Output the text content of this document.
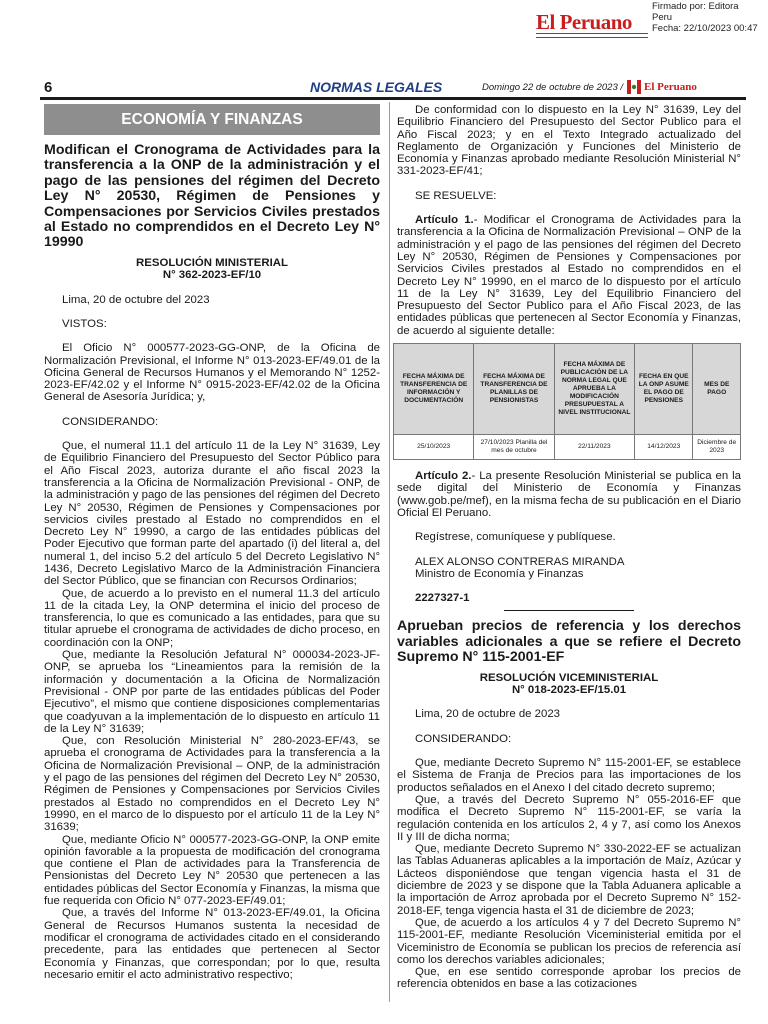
El Peruano
Firmado por: Editora
Peru
Fecha: 22/10/2023 00:47
6	NORMAS LEGALES	Domingo 22 de octubre de 2023 / El Peruano
ECONOMÍA Y FINANZAS

Modifican el Cronograma de Actividades para la transferencia a la ONP de la administración y el pago de las pensiones del régimen del Decreto Ley N° 20530, Régimen de Pensiones y Compensaciones por Servicios Civiles prestados al Estado no comprendidos en el Decreto Ley N° 19990

RESOLUCIÓN MINISTERIAL
N° 362-2023-EF/10

Lima, 20 de octubre del 2023

VISTOS:

El Oficio N° 000577-2023-GG-ONP, de la Oficina de Normalización Previsional, el Informe N° 013-2023-EF/49.01 de la Oficina General de Recursos Humanos y el Memorando N° 1252-2023-EF/42.02 y el Informe N° 0915-2023-EF/42.02 de la Oficina General de Asesoría Jurídica; y,

CONSIDERANDO:

Que, el numeral 11.1 del artículo 11 de la Ley N° 31639, Ley de Equilibrio Financiero del Presupuesto del Sector Público para el Año Fiscal 2023, autoriza durante el año fiscal 2023 la transferencia a la Oficina de Normalización Previsional - ONP, de la administración y pago de las pensiones del régimen del Decreto Ley N° 20530, Régimen de Pensiones y Compensaciones por servicios civiles prestado al Estado no comprendidos en el Decreto Ley N° 19990, a cargo de las entidades públicas del Poder Ejecutivo que forman parte del apartado (i) del literal a, del numeral 1, del inciso 5.2 del artículo 5 del Decreto Legislativo N° 1436, Decreto Legislativo Marco de la Administración Financiera del Sector Público, que se financian con Recursos Ordinarios;

Que, de acuerdo a lo previsto en el numeral 11.3 del artículo 11 de la citada Ley, la ONP determina el inicio del proceso de transferencia, lo que es comunicado a las entidades, para que su titular apruebe el cronograma de actividades de dicho proceso, en coordinación con la ONP;

Que, mediante la Resolución Jefatural N° 000034-2023-JF-ONP, se aprueba los “Lineamientos para la remisión de la información y documentación a la Oficina de Normalización Previsional - ONP por parte de las entidades públicas del Poder Ejecutivo”, el mismo que contiene disposiciones complementarias que coadyuvan a la implementación de lo dispuesto en artículo 11 de la Ley N° 31639;

Que, con Resolución Ministerial N° 280-2023-EF/43, se aprueba el cronograma de Actividades para la transferencia a la Oficina de Normalización Previsional – ONP, de la administración y el pago de las pensiones del régimen del Decreto Ley N° 20530, Régimen de Pensiones y Compensaciones por Servicios Civiles prestados al Estado no comprendidos en el Decreto Ley N° 19990, en el marco de lo dispuesto por el artículo 11 de la Ley N° 31639;

Que, mediante Oficio N° 000577-2023-GG-ONP, la ONP emite opinión favorable a la propuesta de modificación del cronograma que contiene el Plan de actividades para la Transferencia de Pensionistas del Decreto Ley N° 20530 que pertenecen a las entidades públicas del Sector Economía y Finanzas, la misma que fue requerida con Oficio N° 077-2023-EF/49.01;

Que, a través del Informe N° 013-2023-EF/49.01, la Oficina General de Recursos Humanos sustenta la necesidad de modificar el cronograma de actividades citado en el considerando precedente, para las entidades que pertenecen al Sector Economía y Finanzas, que correspondan; por lo que, resulta necesario emitir el acto administrativo respectivo;

De conformidad con lo dispuesto en la Ley N° 31639, Ley del Equilibrio Financiero del Presupuesto del Sector Publico para el Año Fiscal 2023; y en el Texto Integrado actualizado del Reglamento de Organización y Funciones del Ministerio de Economía y Finanzas aprobado mediante Resolución Ministerial N° 331-2023-EF/41;

SE RESUELVE:

Artículo 1.- Modificar el Cronograma de Actividades para la transferencia a la Oficina de Normalización Previsional – ONP de la administración y el pago de las pensiones del régimen del Decreto Ley N° 20530, Régimen de Pensiones y Compensaciones por Servicios Civiles prestados al Estado no comprendidos en el Decreto Ley N° 19990, en el marco de lo dispuesto por el artículo 11 de la Ley N° 31639, Ley del Equilibrio Financiero del Presupuesto del Sector Publico para el Año Fiscal 2023, de las entidades públicas que pertenecen al Sector Economía y Finanzas, de acuerdo al siguiente detalle:

FECHA MÁXIMA DE TRANSFERENCIA DE INFORMACIÓN Y DOCUMENTACIÓN	FECHA MÁXIMA DE TRANSFERENCIA DE PLANILLAS DE PENSIONISTAS	FECHA MÁXIMA DE PUBLICACIÓN DE LA NORMA LEGAL QUE APRUEBA LA MODIFICACIÓN PRESUPUESTAL A NIVEL INSTITUCIONAL	FECHA EN QUE LA ONP ASUME EL PAGO DE PENSIONES	MES DE PAGO
25/10/2023	27/10/2023 Planilla del mes de octubre	22/11/2023	14/12/2023	Diciembre de 2023

Artículo 2.- La presente Resolución Ministerial se publica en la sede digital del Ministerio de Economía y Finanzas (www.gob.pe/mef), en la misma fecha de su publicación en el Diario Oficial El Peruano.

Regístrese, comuníquese y publíquese.

ALEX ALONSO CONTRERAS MIRANDA

Ministro de Economía y Finanzas

2227327-1

Aprueban precios de referencia y los derechos variables adicionales a que se refiere el Decreto Supremo N° 115-2001-EF

RESOLUCIÓN VICEMINISTERIAL
N° 018-2023-EF/15.01

Lima, 20 de octubre de 2023

CONSIDERANDO:

Que, mediante Decreto Supremo N° 115-2001-EF, se establece el Sistema de Franja de Precios para las importaciones de los productos señalados en el Anexo I del citado decreto supremo;

Que, a través del Decreto Supremo N° 055-2016-EF que modifica el Decreto Supremo N° 115-2001-EF, se varía la regulación contenida en los artículos 2, 4 y 7, así como los Anexos II y III de dicha norma;

Que, mediante Decreto Supremo N° 330-2022-EF se actualizan las Tablas Aduaneras aplicables a la importación de Maíz, Azúcar y Lácteos disponiéndose que tengan vigencia hasta el 31 de diciembre de 2023 y se dispone que la Tabla Aduanera aplicable a la importación de Arroz aprobada por el Decreto Supremo N° 152-2018-EF, tenga vigencia hasta el 31 de diciembre de 2023;

Que, de acuerdo a los artículos 4 y 7 del Decreto Supremo N° 115-2001-EF, mediante Resolución Viceministerial emitida por el Viceministro de Economía se publican los precios de referencia así como los derechos variables adicionales;

Que, en ese sentido corresponde aprobar los precios de referencia obtenidos en base a las cotizaciones
